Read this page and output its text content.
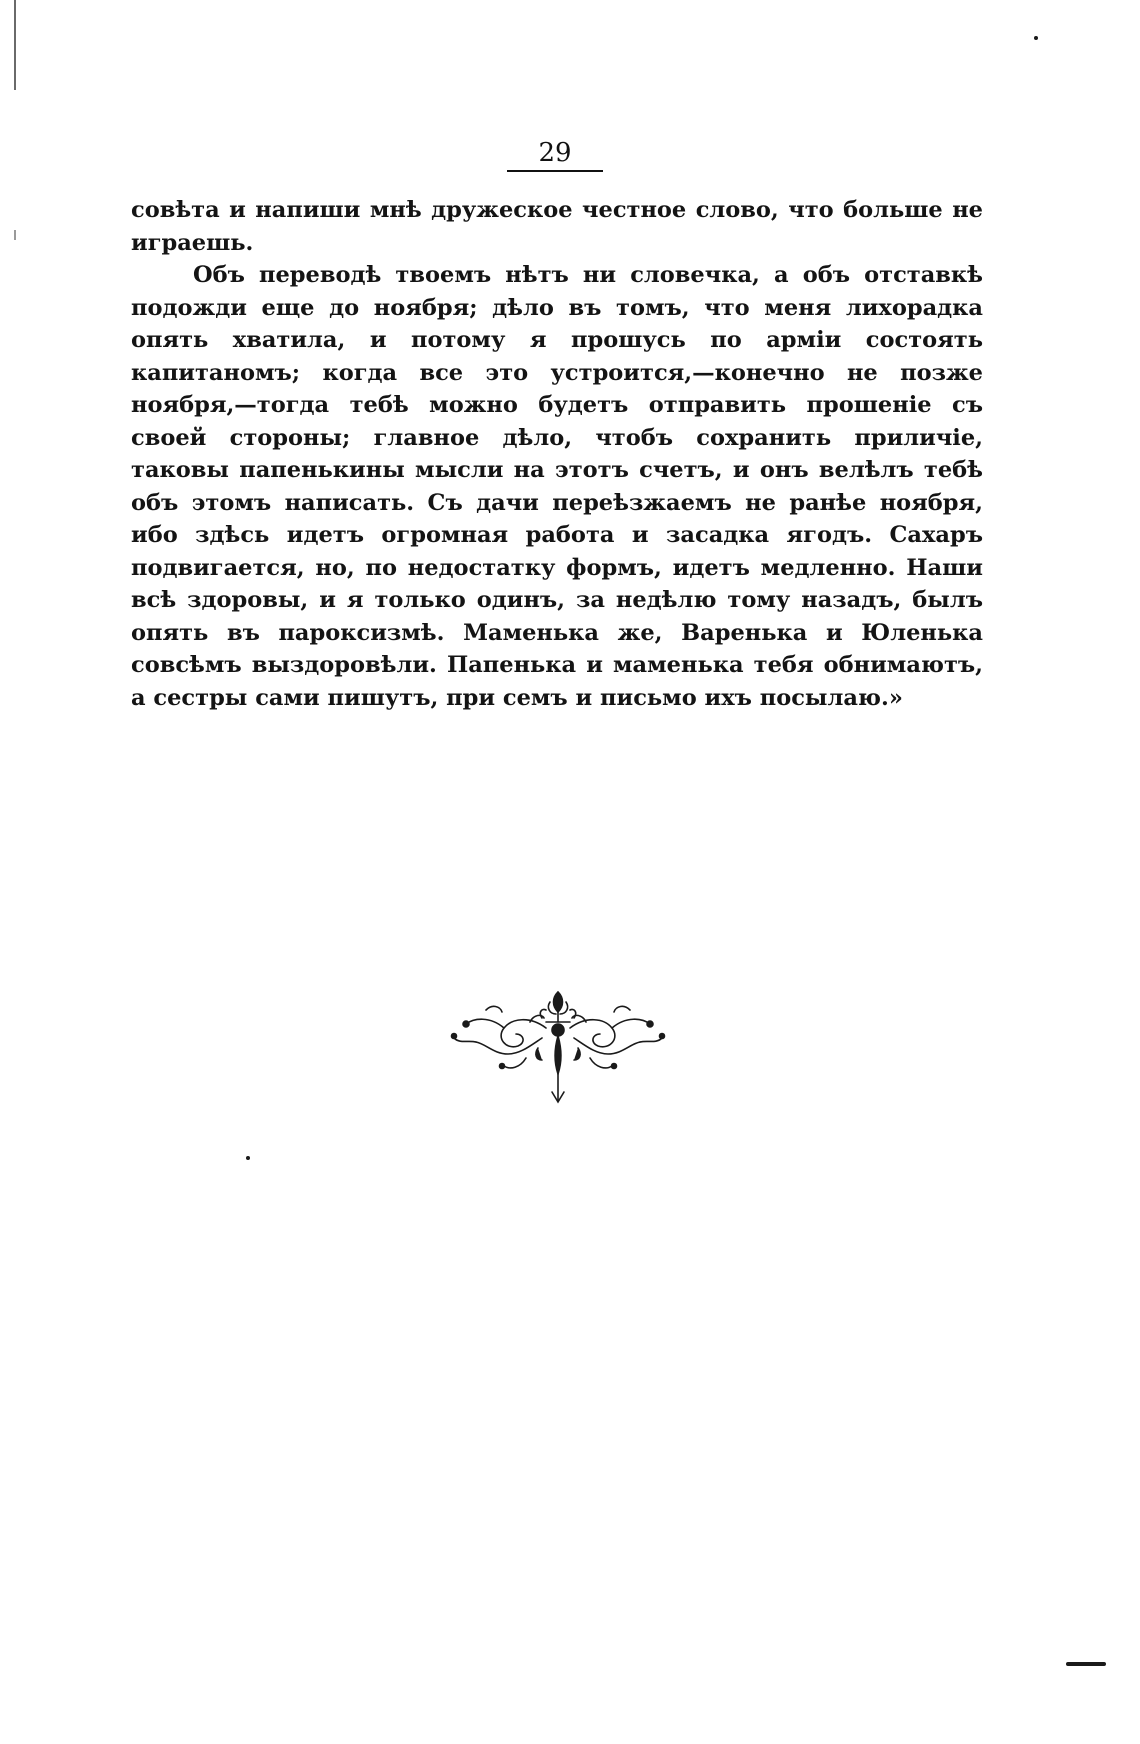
29

совѣта и напиши мнѣ дружеское честное слово, что больше не играешь.

Объ переводѣ твоемъ нѣтъ ни словечка, а объ отставкѣ подожди еще до ноября; дѣло въ томъ, что меня лихорадка опять хватила, и потому я прошусь по арміи состоять капитаномъ; когда все это устроится,—конечно не позже ноября,—тогда тебѣ можно будетъ отправить прошеніе съ своей стороны; главное дѣло, чтобъ сохранить приличіе, таковы папенькины мысли на этотъ счетъ, и онъ велѣлъ тебѣ объ этомъ написать. Съ дачи переѣзжаемъ не ранѣе ноября, ибо здѣсь идетъ огромная работа и засадка ягодъ. Сахаръ подвигается, но, по недостатку формъ, идетъ медленно. Наши всѣ здоровы, и я только одинъ, за недѣлю тому назадъ, былъ опять въ пароксизмѣ. Маменька же, Варенька и Юленька совсѣмъ выздоровѣли. Папенька и маменька тебя обнимаютъ, а сестры сами пишутъ, при семъ и письмо ихъ посылаю.»
